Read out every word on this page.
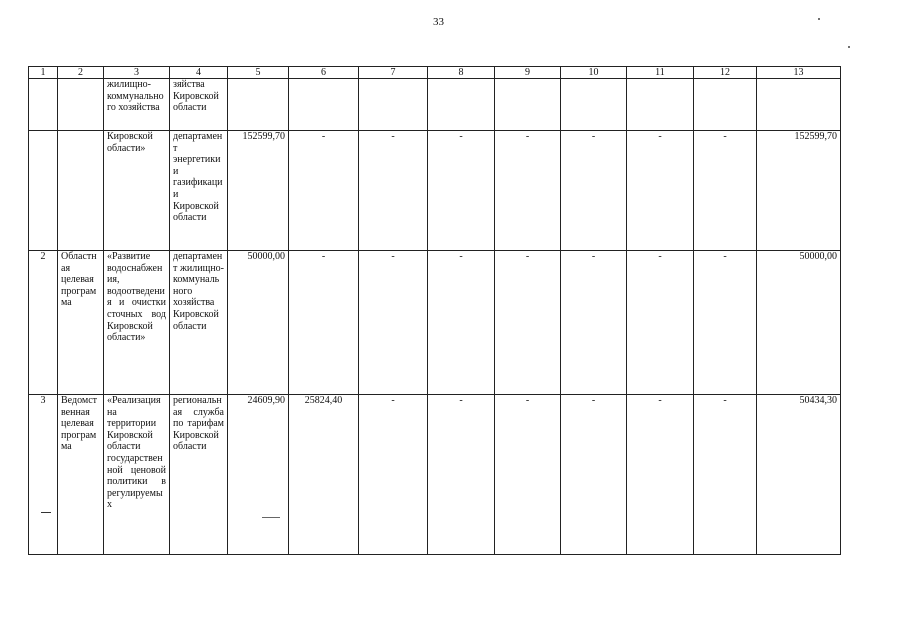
33
1	2	3	4	5	6	7	8	9	10	11	12	13
		жилищно-коммунального хозяйства	зяйства Кировской области									
		Кировской области»	департамент энергетики и газификации Кировской области	152599,70	-	-	-	-	-	-	-	152599,70
2	Областная целевая программа	«Развитие водоснабжения, водоотведения и очистки сточных вод Кировской области»	департамент жилищно-коммунального хозяйства Кировской области	50000,00	-	-	-	-	-	-	-	50000,00
3	Ведомственная целевая программа	«Реализация на территории Кировской области государственной ценовой политики в регулируемых	региональная служба по тарифам Кировской области	24609,90	25824,40	-	-	-	-	-	-	50434,30
